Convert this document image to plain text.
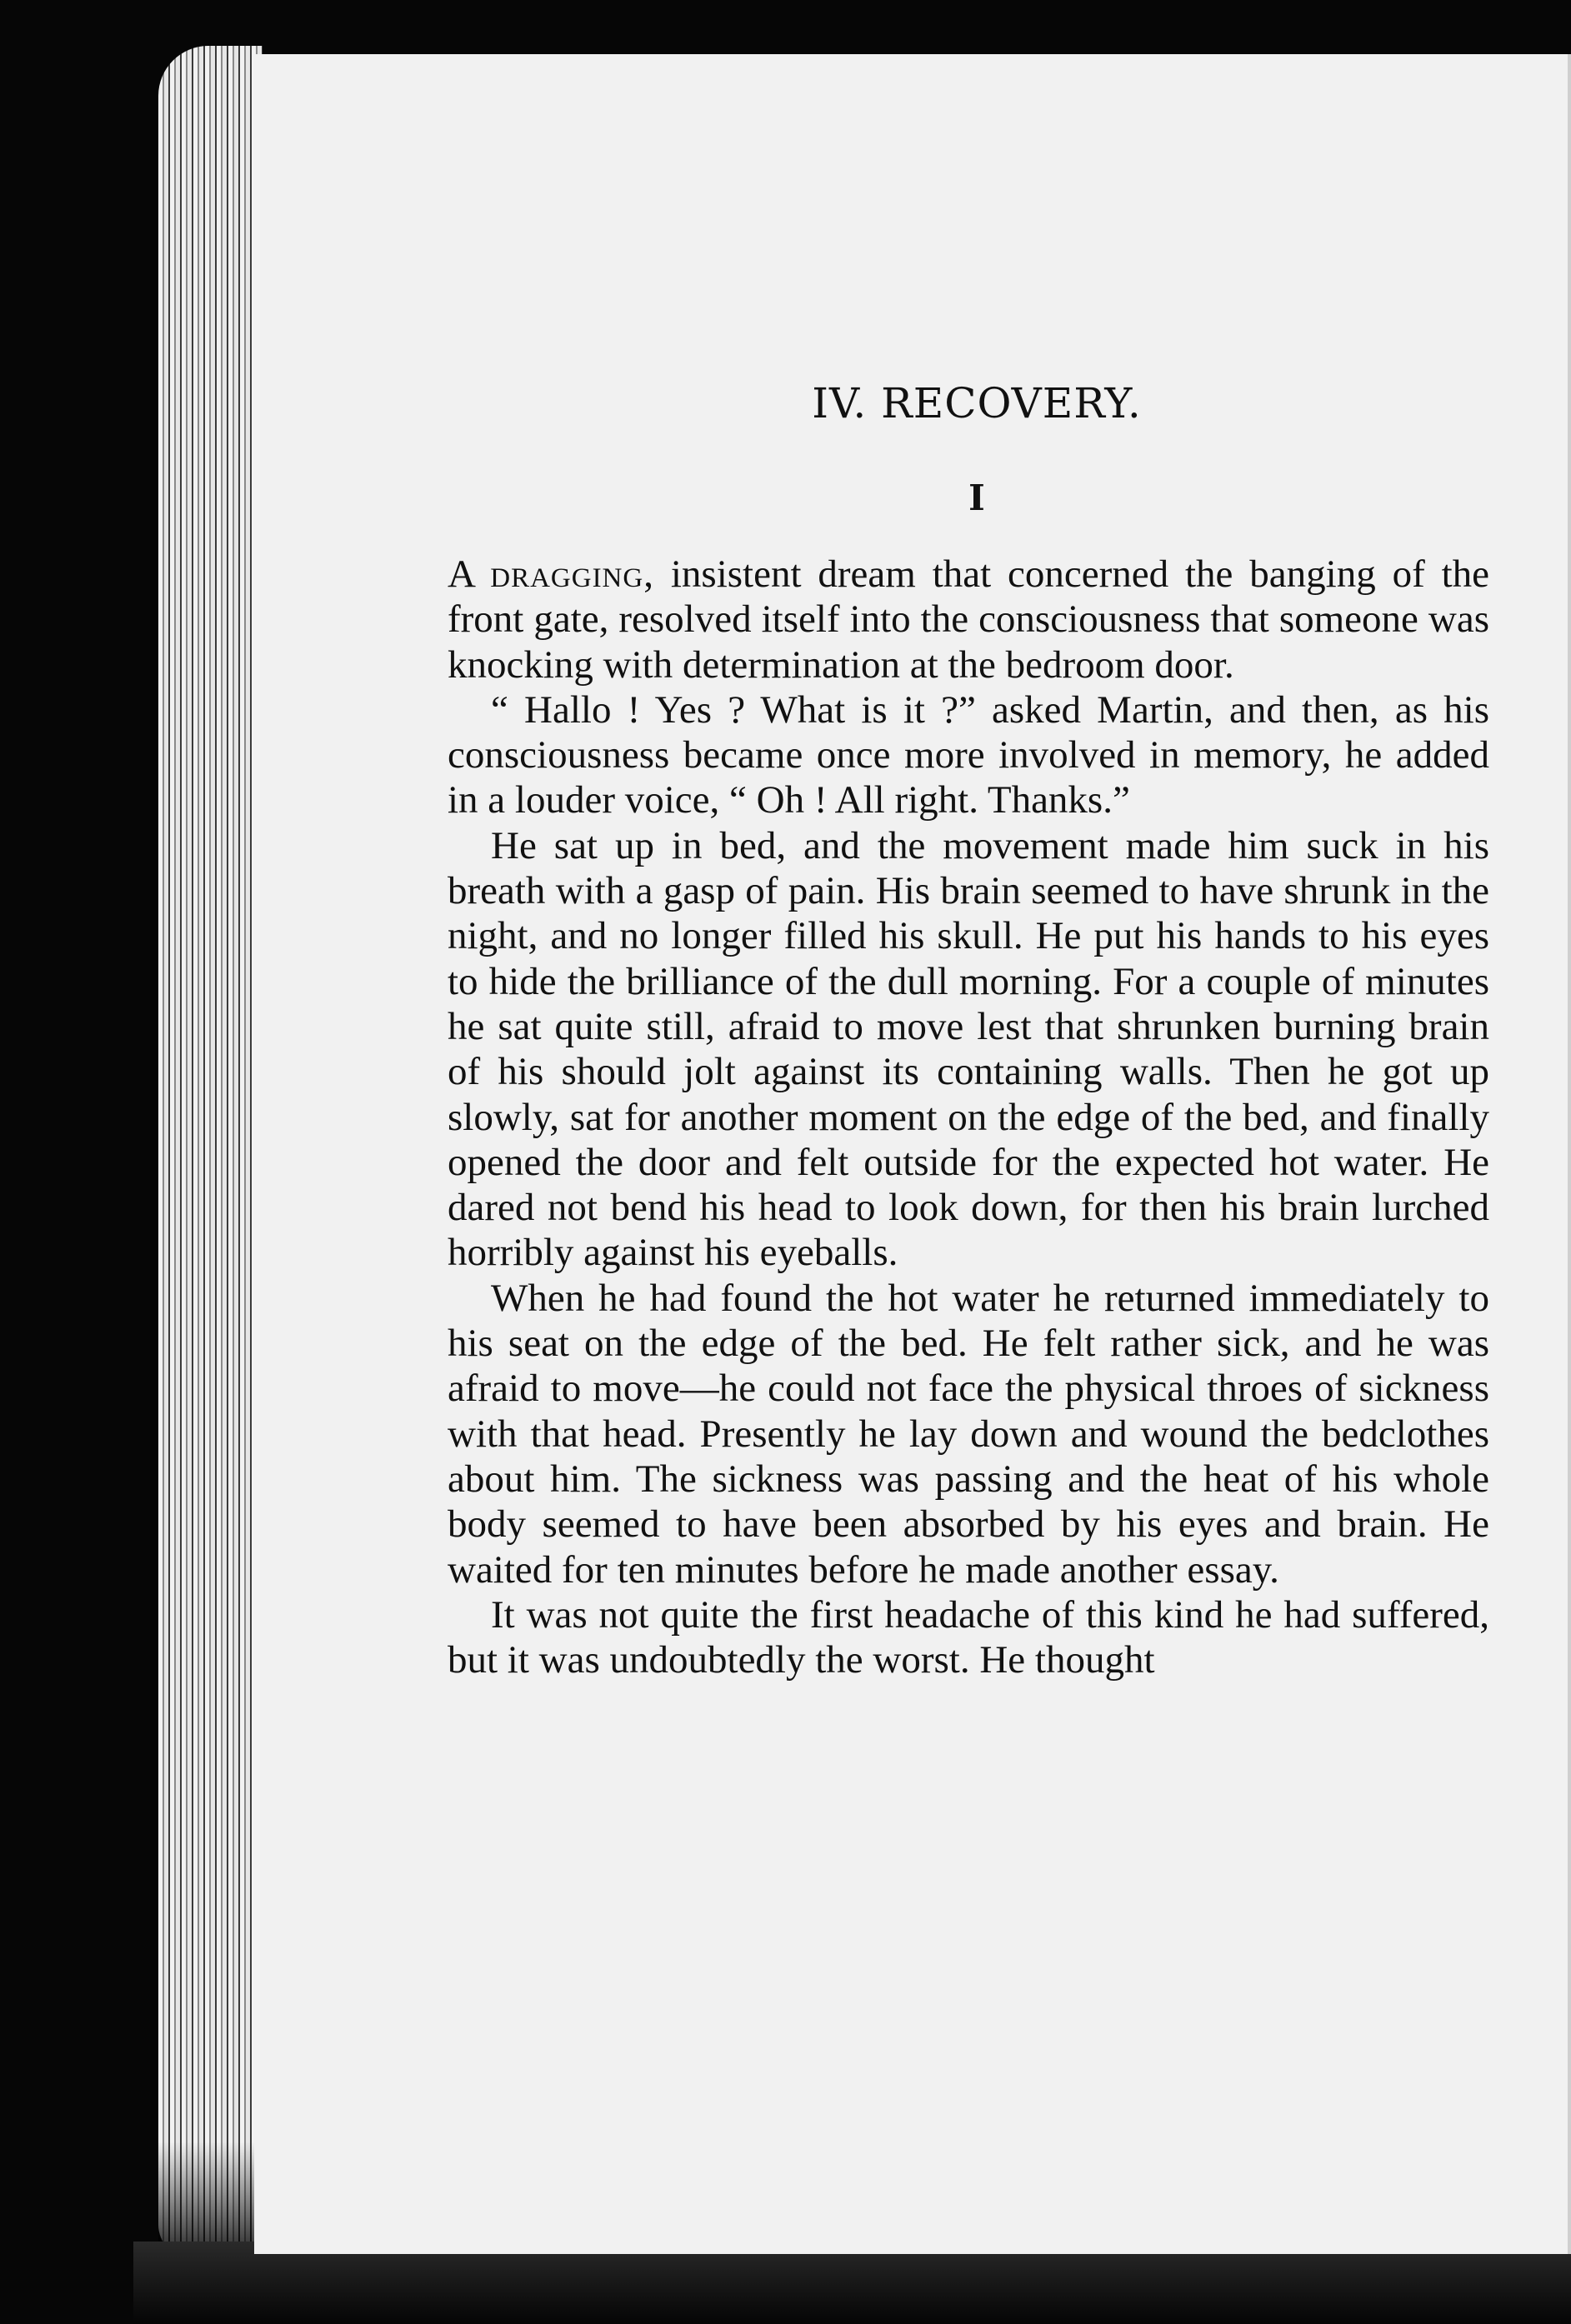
IV. RECOVERY.
I

A dragging, insistent dream that concerned the banging of the front gate, resolved itself into the consciousness that someone was knocking with determination at the bedroom door.

“ Hallo ! Yes ? What is it ?” asked Martin, and then, as his consciousness became once more involved in memory, he added in a louder voice, “ Oh ! All right. Thanks.”

He sat up in bed, and the movement made him suck in his breath with a gasp of pain. His brain seemed to have shrunk in the night, and no longer filled his skull. He put his hands to his eyes to hide the brilliance of the dull morning. For a couple of minutes he sat quite still, afraid to move lest that shrunken burning brain of his should jolt against its containing walls. Then he got up slowly, sat for another moment on the edge of the bed, and finally opened the door and felt outside for the expected hot water. He dared not bend his head to look down, for then his brain lurched horribly against his eyeballs.

When he had found the hot water he returned immediately to his seat on the edge of the bed. He felt rather sick, and he was afraid to move—he could not face the physical throes of sickness with that head. Presently he lay down and wound the bedclothes about him. The sickness was passing and the heat of his whole body seemed to have been absorbed by his eyes and brain. He waited for ten minutes before he made another essay.

It was not quite the first headache of this kind he had suffered, but it was undoubtedly the worst. He thought
